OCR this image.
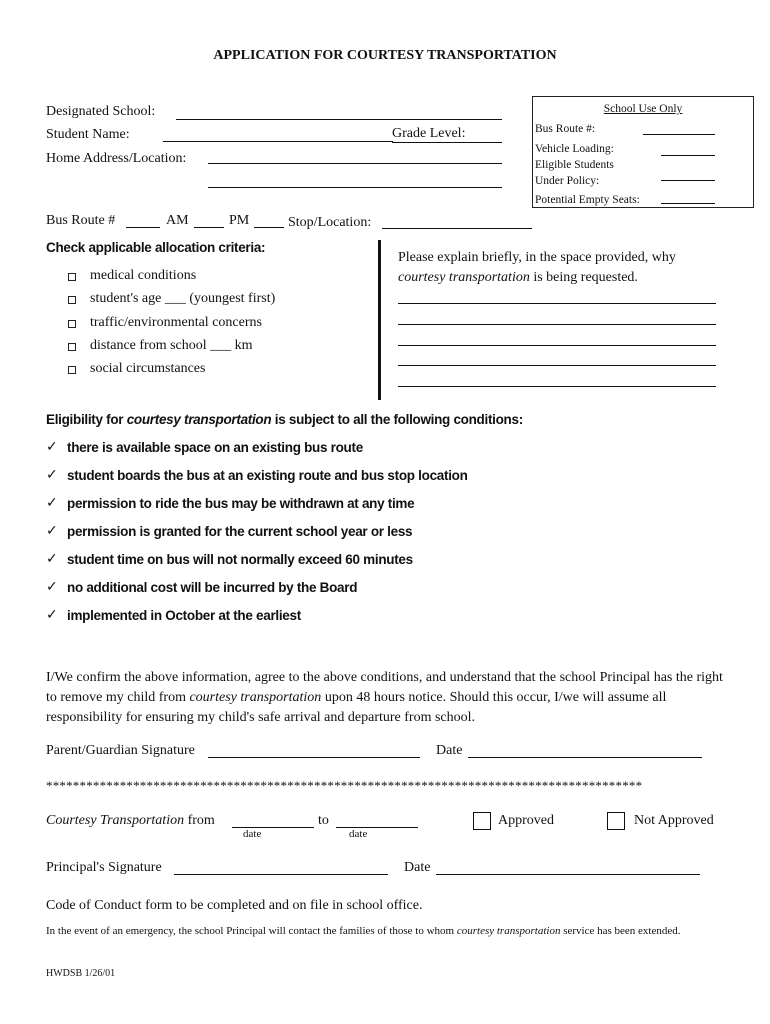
APPLICATION FOR COURTESY TRANSPORTATION
Designated School:
Student Name:	Grade Level:
Home Address/Location:
School Use Only
Bus Route #:
Vehicle Loading:
Eligible Students
Under Policy:
Potential Empty Seats:
Bus Route #	AM	PM	Stop/Location:
Check applicable allocation criteria:
medical conditions
student's age ___ (youngest first)
traffic/environmental concerns
distance from school ___ km
social circumstances
Please explain briefly, in the space provided, why
courtesy transportation is being requested.
Eligibility for courtesy transportation is subject to all the following conditions:
✓ there is available space on an existing bus route
✓ student boards the bus at an existing route and bus stop location
✓ permission to ride the bus may be withdrawn at any time
✓ permission is granted for the current school year or less
✓ student time on bus will not normally exceed 60 minutes
✓ no additional cost will be incurred by the Board
✓ implemented in October at the earliest
I/We confirm the above information, agree to the above conditions, and understand that the school Principal has the right to remove my child from courtesy transportation upon 48 hours notice. Should this occur, I/we will assume all responsibility for ensuring my child's safe arrival and departure from school.
Parent/Guardian Signature	Date
*****************************************************************************************
Courtesy Transportation from
date
to
date
Approved	Not Approved
Principal's Signature	Date
Code of Conduct form to be completed and on file in school office.
In the event of an emergency, the school Principal will contact the families of those to whom courtesy transportation service has been extended.
HWDSB 1/26/01
